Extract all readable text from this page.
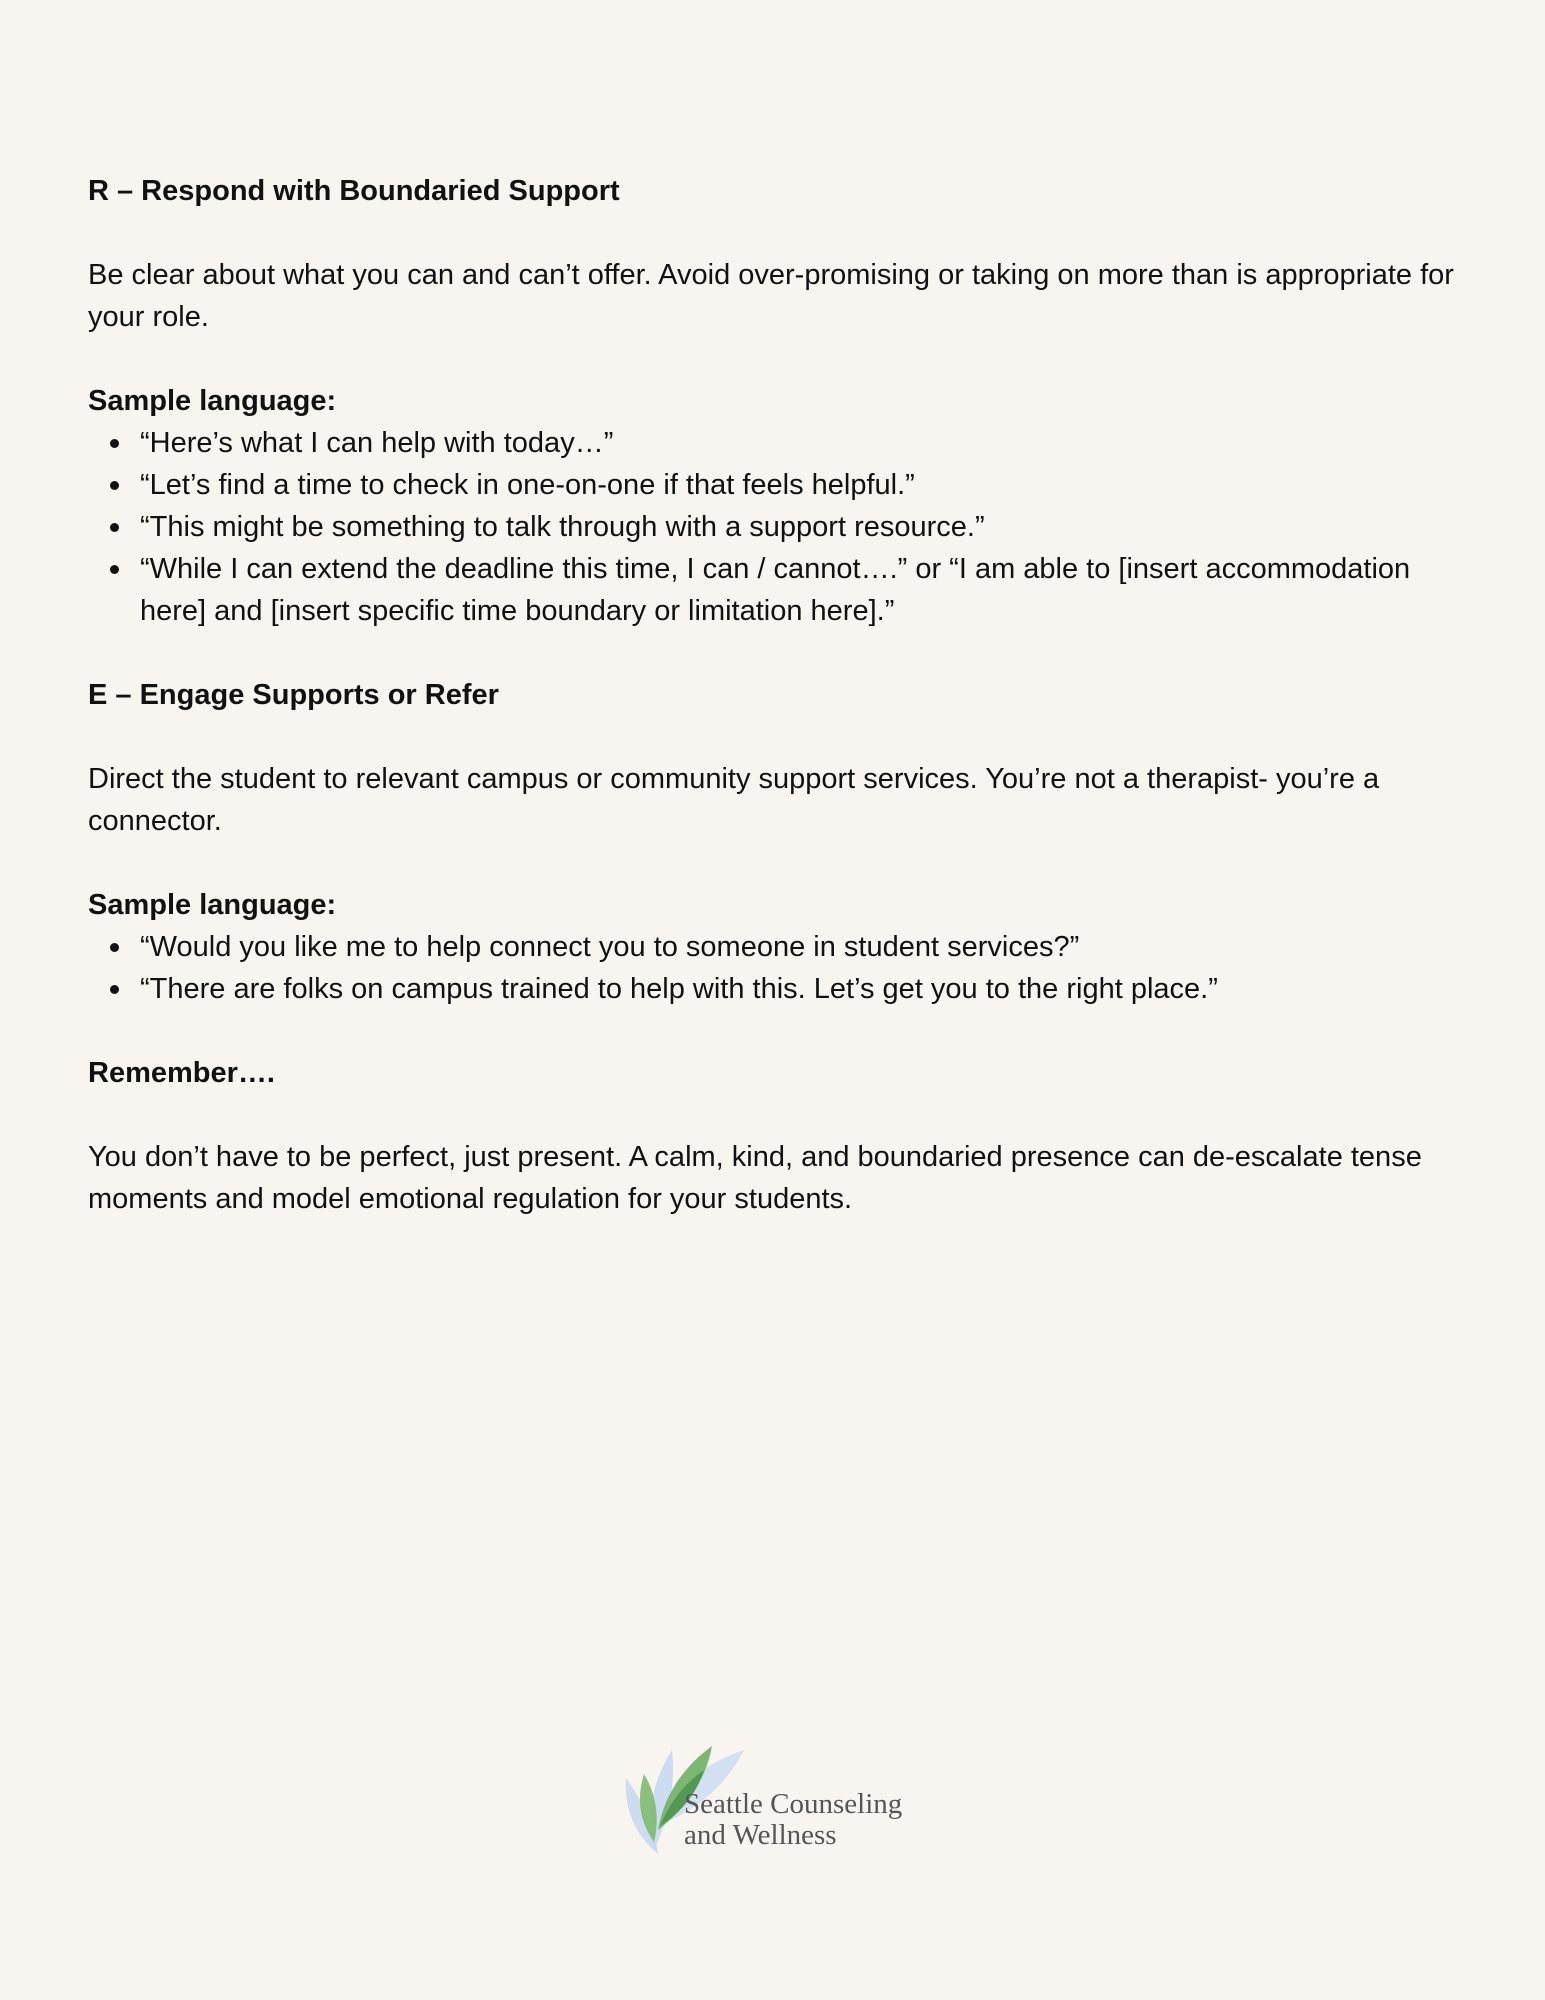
R – Respond with Boundaried Support

Be clear about what you can and can’t offer. Avoid over-promising or taking on more than is appropriate for your role.

Sample language:

“Here’s what I can help with today…”
“Let’s find a time to check in one-on-one if that feels helpful.”
“This might be something to talk through with a support resource.”
“While I can extend the deadline this time, I can / cannot….” or “I am able to [insert accommodation here] and [insert specific time boundary or limitation here].”
E – Engage Supports or Refer

Direct the student to relevant campus or community support services. You’re not a therapist- you’re a connector.

Sample language:

“Would you like me to help connect you to someone in student services?”
“There are folks on campus trained to help with this. Let’s get you to the right place.”
Remember….

You don’t have to be perfect, just present. A calm, kind, and boundaried presence can de-escalate tense moments and model emotional regulation for your students.

Seattle Counseling
and Wellness
